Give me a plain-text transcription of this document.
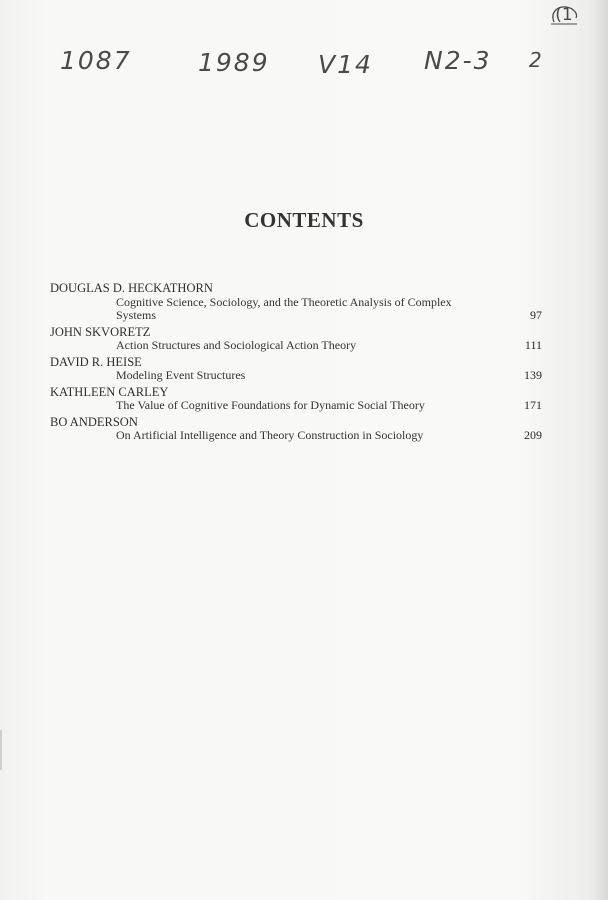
(1
1087	1989 V14 N2-3 2
CONTENTS
DOUGLAS D. HECKATHORN
Cognitive Science, Sociology, and the Theoretic Analysis of Complex Systems	97
JOHN SKVORETZ
Action Structures and Sociological Action Theory	111
DAVID R. HEISE
Modeling Event Structures	139
KATHLEEN CARLEY
The Value of Cognitive Foundations for Dynamic Social Theory	171
BO ANDERSON
On Artificial Intelligence and Theory Construction in Sociology	209
